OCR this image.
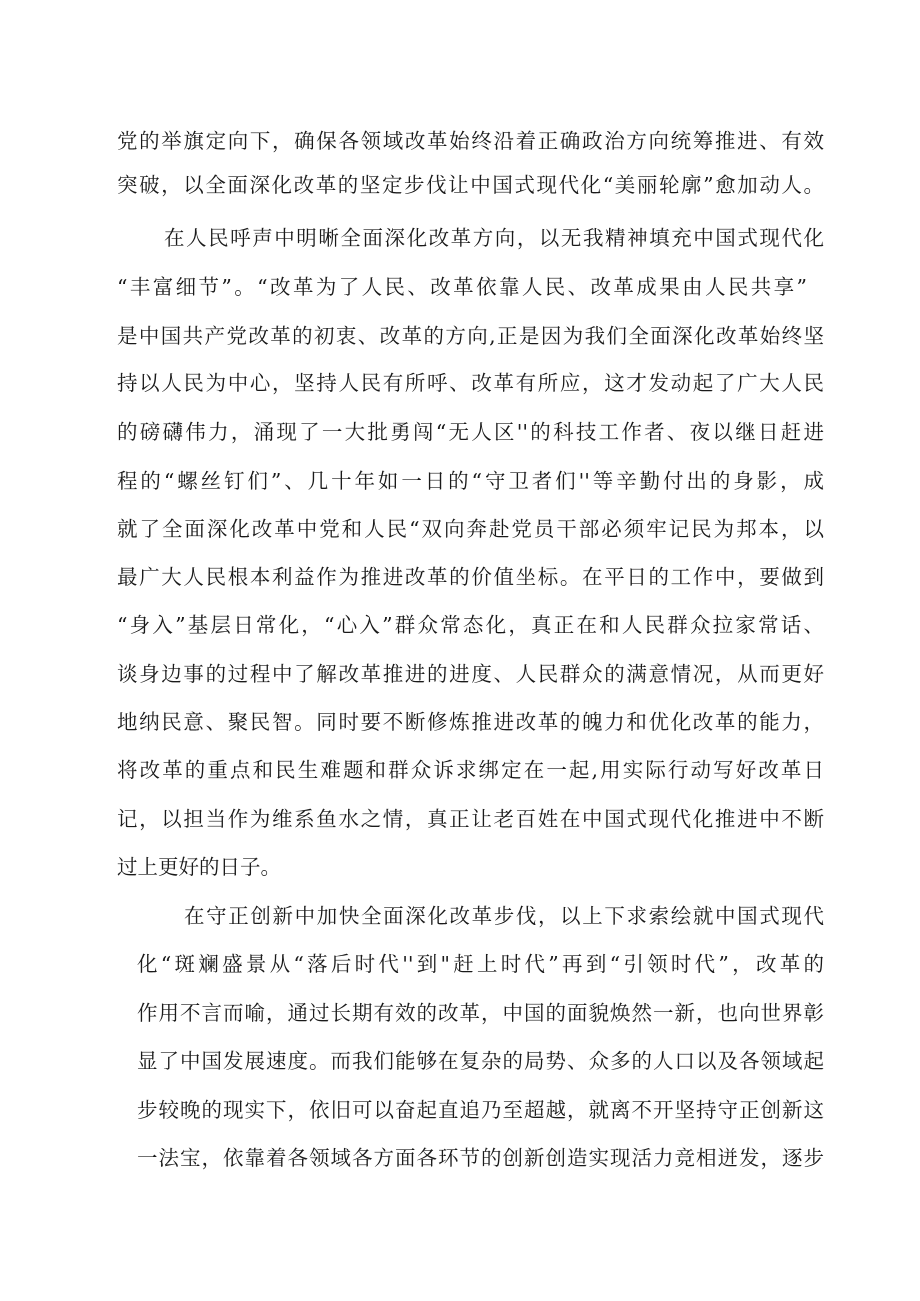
党的举旗定向下，确保各领域改革始终沿着正确政治方向统筹推进、有效

突破，以全面深化改革的坚定步伐让中国式现代化“美丽轮廓”愈加动人。

在人民呼声中明晰全面深化改革方向，以无我精神填充中国式现代化

“丰富细节”。“改革为了人民、改革依靠人民、改革成果由人民共享”

是中国共产党改革的初衷、改革的方向,正是因为我们全面深化改革始终坚

持以人民为中心，坚持人民有所呼、改革有所应，这才发动起了广大人民

的磅礴伟力，涌现了一大批勇闯“无人区''的科技工作者、夜以继日赶进

程的“螺丝钉们”、几十年如一日的“守卫者们''等辛勤付出的身影，成

就了全面深化改革中党和人民“双向奔赴党员干部必须牢记民为邦本，以

最广大人民根本利益作为推进改革的价值坐标。在平日的工作中，要做到

“身入”基层日常化，“心入”群众常态化，真正在和人民群众拉家常话、

谈身边事的过程中了解改革推进的进度、人民群众的满意情况，从而更好

地纳民意、聚民智。同时要不断修炼推进改革的魄力和优化改革的能力，

将改革的重点和民生难题和群众诉求绑定在一起,用实际行动写好改革日

记，以担当作为维系鱼水之情，真正让老百姓在中国式现代化推进中不断

过上更好的日子。

在守正创新中加快全面深化改革步伐，以上下求索绘就中国式现代

化“斑斓盛景从“落后时代''到"赶上时代”再到“引领时代”，改革的

作用不言而喻，通过长期有效的改革，中国的面貌焕然一新，也向世界彰

显了中国发展速度。而我们能够在复杂的局势、众多的人口以及各领域起

步较晚的现实下，依旧可以奋起直追乃至超越，就离不开坚持守正创新这

一法宝，依靠着各领域各方面各环节的创新创造实现活力竞相迸发，逐步
